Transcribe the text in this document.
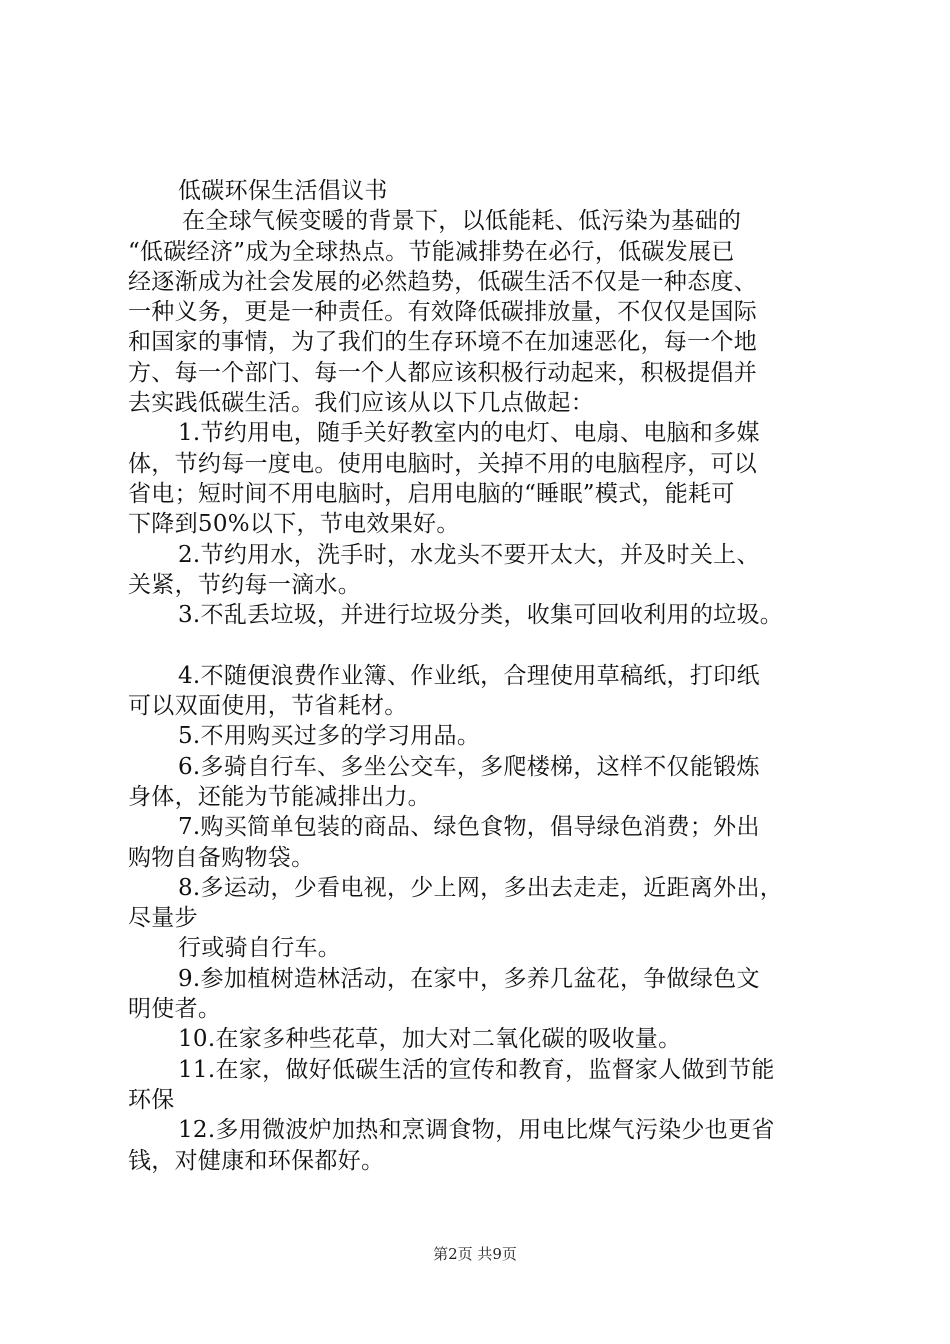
低碳环保生活倡议书
在全球气候变暖的背景下，以低能耗、低污染为基础的
“低碳经济”成为全球热点。节能减排势在必行，低碳发展已
经逐渐成为社会发展的必然趋势，低碳生活不仅是一种态度、
一种义务，更是一种责任。有效降低碳排放量，不仅仅是国际
和国家的事情，为了我们的生存环境不在加速恶化，每一个地
方、每一个部门、每一个人都应该积极行动起来，积极提倡并
去实践低碳生活。我们应该从以下几点做起：
1.节约用电，随手关好教室内的电灯、电扇、电脑和多媒
体，节约每一度电。使用电脑时，关掉不用的电脑程序，可以
省电；短时间不用电脑时，启用电脑的“睡眠”模式，能耗可
下降到50%以下，节电效果好。
2.节约用水，洗手时，水龙头不要开太大，并及时关上、
关紧，节约每一滴水。
3.不乱丢垃圾，并进行垃圾分类，收集可回收利用的垃圾。
4.不随便浪费作业簿、作业纸，合理使用草稿纸，打印纸
可以双面使用，节省耗材。
5.不用购买过多的学习用品。
6.多骑自行车、多坐公交车，多爬楼梯，这样不仅能锻炼
身体，还能为节能减排出力。
7.购买简单包装的商品、绿色食物，倡导绿色消费；外出
购物自备购物袋。
8.多运动，少看电视，少上网，多出去走走，近距离外出，
尽量步
行或骑自行车。
9.参加植树造林活动，在家中，多养几盆花，争做绿色文
明使者。
10.在家多种些花草，加大对二氧化碳的吸收量。
11.在家，做好低碳生活的宣传和教育，监督家人做到节能
环保
12.多用微波炉加热和烹调食物，用电比煤气污染少也更省
钱，对健康和环保都好。
第2页 共9页
